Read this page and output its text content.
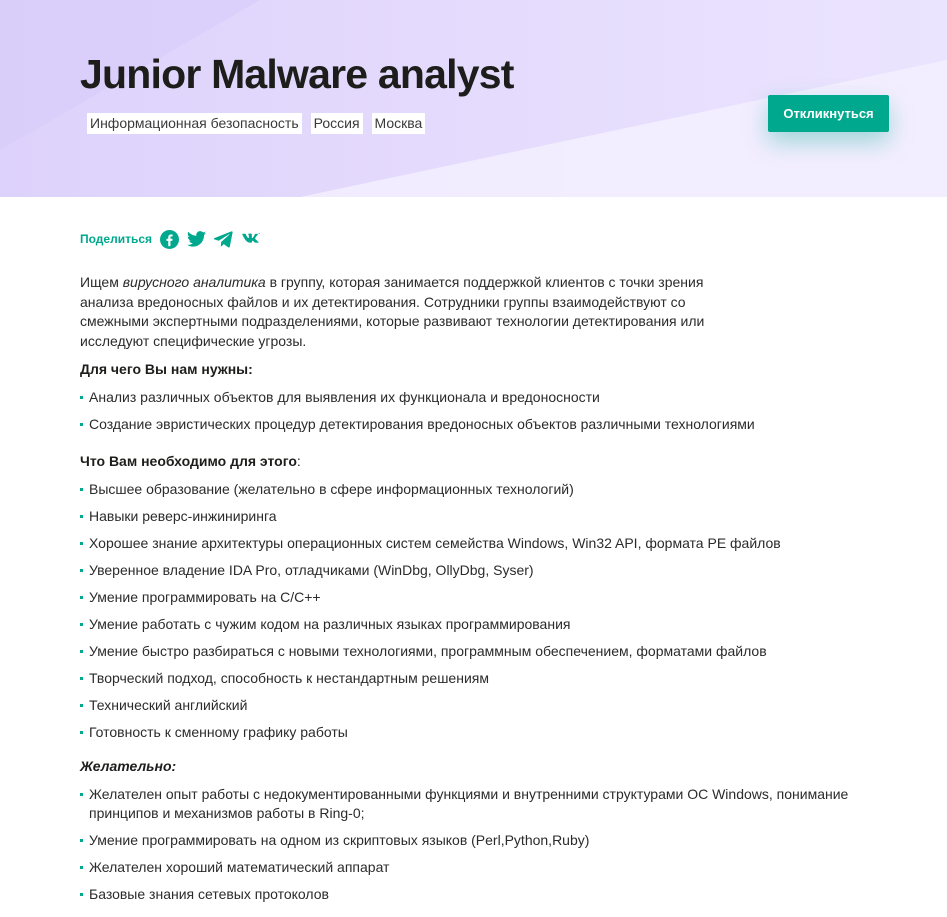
Junior Malware analyst
Информационная безопасность Россия Москва
Откликнуться
Поделиться

Ищем вирусного аналитика в группу, которая занимается поддержкой клиентов с точки зрения анализа вредоносных файлов и их детектирования. Сотрудники группы взаимодействуют со смежными экспертными подразделениями, которые развивают технологии детектирования или исследуют специфические угрозы.

Для чего Вы нам нужны:

Анализ различных объектов для выявления их функционала и вредоносности
Создание эвристических процедур детектирования вредоносных объектов различными технологиями

Что Вам необходимо для этого:

Высшее образование (желательно в сфере информационных технологий)
Навыки реверс-инжиниринга
Хорошее знание архитектуры операционных систем семейства Windows, Win32 API, формата PE файлов
Уверенное владение IDA Pro, отладчиками (WinDbg, OllyDbg, Syser)
Умение программировать на C/C++
Умение работать с чужим кодом на различных языках программирования
Умение быстро разбираться с новыми технологиями, программным обеспечением, форматами файлов
Творческий подход, способность к нестандартным решениям
Технический английский
Готовность к сменному графику работы

Желательно:

Желателен опыт работы с недокументированными функциями и внутренними структурами ОС Windows, понимание принципов и механизмов работы в Ring-0;
Умение программировать на одном из скриптовых языков (Perl,Python,Ruby)
Желателен хороший математический аппарат
Базовые знания сетевых протоколов
